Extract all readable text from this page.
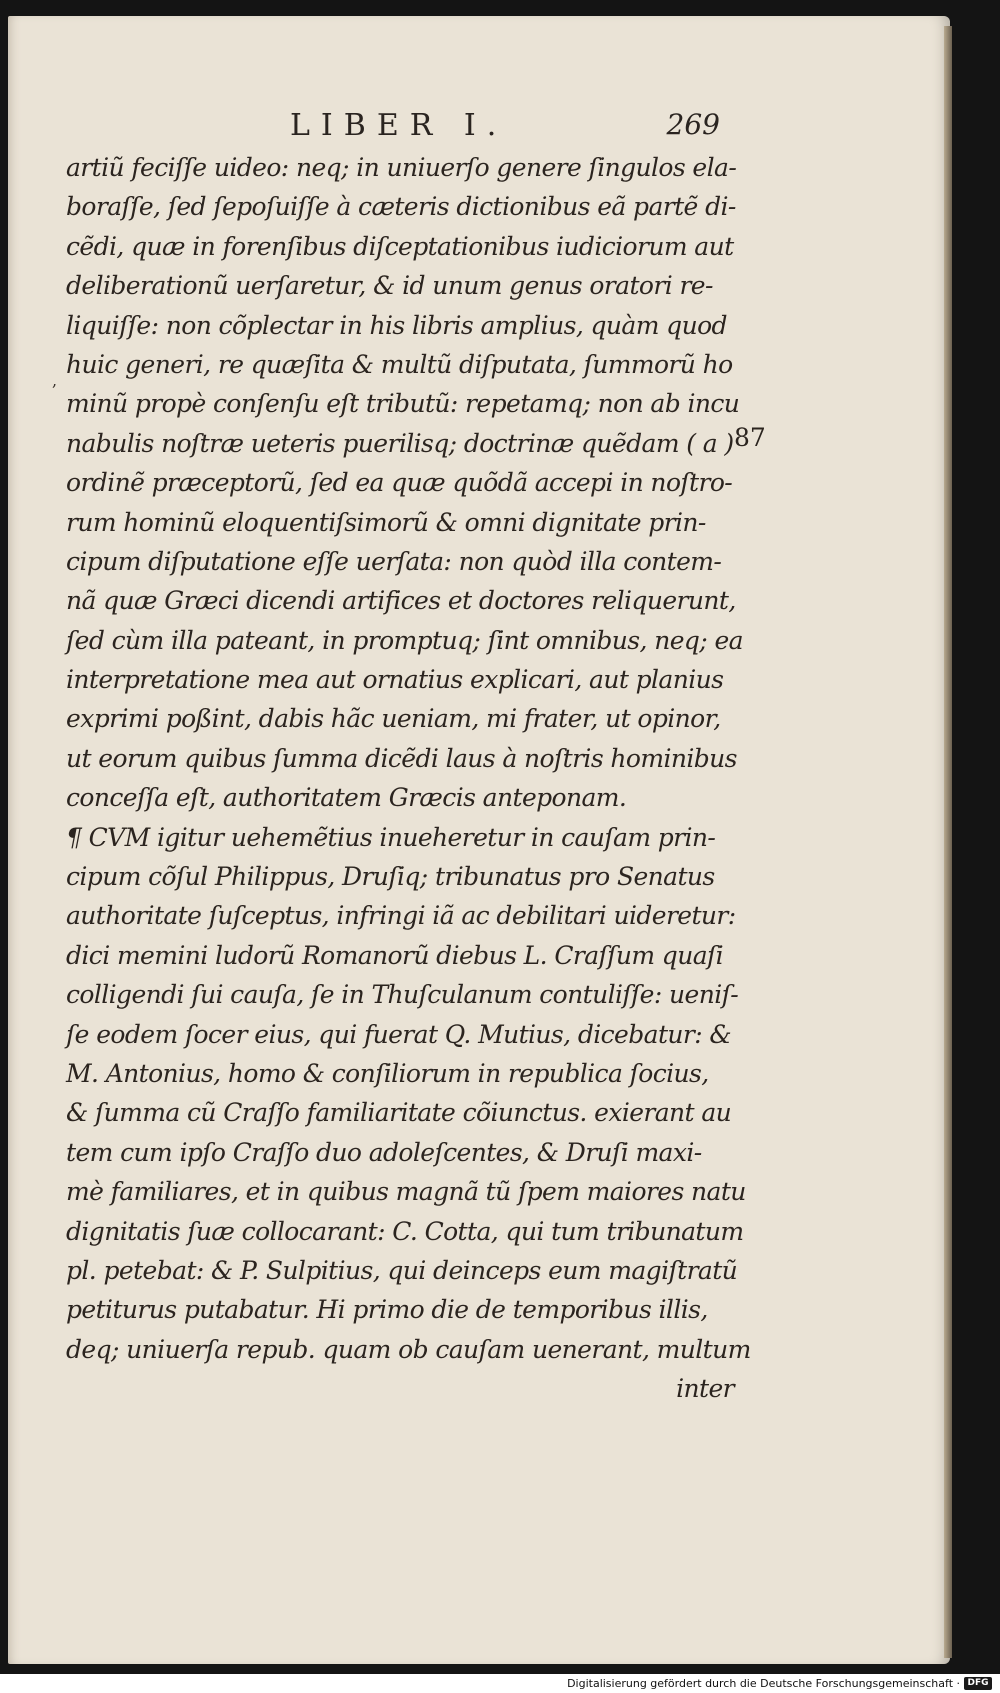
LIBER I.	269
,
87
artiũ feciſſe uideo: neq; in uniuerſo genere ſingulos ela-
boraſſe, ſed ſepoſuiſſe à cæteris dictionibus eã partẽ di-
cẽdi, quæ in forenſibus diſceptationibus iudiciorum aut
deliberationũ uerſaretur, & id unum genus oratori re-
liquiſſe: non cõplectar in his libris amplius, quàm quod
huic generi, re quæſita & multũ diſputata, ſummorũ ho
minũ propè conſenſu eſt tributũ: repetamq; non ab incu
nabulis noſtræ ueteris puerilisq; doctrinæ quẽdam ( a )
ordinẽ præceptorũ, ſed ea quæ quõdã accepi in noſtro-
rum hominũ eloquentiſsimorũ & omni dignitate prin-
cipum diſputatione eſſe uerſata: non quòd illa contem-
nã quæ Græci dicendi artifices et doctores reliquerunt,
ſed cùm illa pateant, in promptuq; ſint omnibus, neq; ea
interpretatione mea aut ornatius explicari, aut planius
exprimi poßint, dabis hãc ueniam, mi frater, ut opinor,
ut eorum quibus ſumma dicẽdi laus à noſtris hominibus
conceſſa eſt, authoritatem Græcis anteponam.
¶ CVM igitur uehemẽtius inueheretur in cauſam prin-
cipum cõſul Philippus, Druſiq; tribunatus pro Senatus
authoritate ſuſceptus, infringi iã ac debilitari uideretur:
dici memini ludorũ Romanorũ diebus L. Craſſum quaſi
colligendi ſui cauſa, ſe in Thuſculanum contuliſſe: ueniſ-
ſe eodem ſocer eius, qui fuerat Q. Mutius, dicebatur: &
M. Antonius, homo & conſiliorum in republica ſocius,
& ſumma cũ Craſſo familiaritate cõiunctus. exierant au
tem cum ipſo Craſſo duo adoleſcentes, & Druſi maxi-
mè familiares, et in quibus magnã tũ ſpem maiores natu
dignitatis ſuæ collocarant: C. Cotta, qui tum tribunatum
pl. petebat: & P. Sulpitius, qui deinceps eum magiſtratũ
petiturus putabatur. Hi primo die de temporibus illis,
deq; uniuerſa repub. quam ob cauſam uenerant, multum
inter
Digitalisierung gefördert durch die Deutsche Forschungsgemeinschaft · DFG
